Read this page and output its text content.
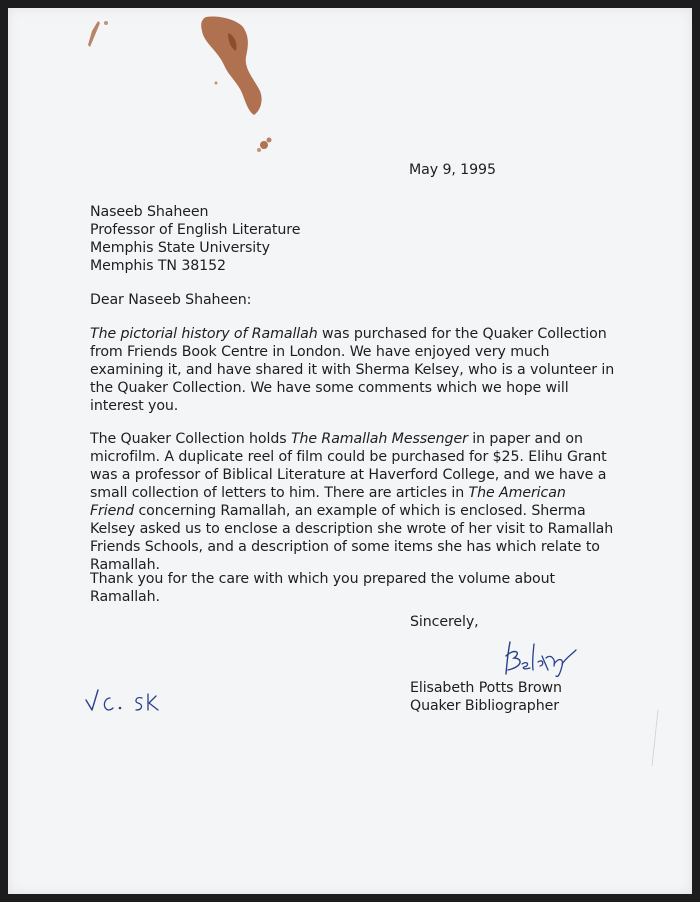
May 9, 1995

Naseeb Shaheen

Professor of English Literature

Memphis State University

Memphis TN 38152

Dear Naseeb Shaheen:

The pictorial history of Ramallah was purchased for the Quaker Collection

from Friends Book Centre in London. We have enjoyed very much

examining it, and have shared it with Sherma Kelsey, who is a volunteer in

the Quaker Collection. We have some comments which we hope will

interest you.

The Quaker Collection holds The Ramallah Messenger in paper and on

microfilm. A duplicate reel of film could be purchased for $25. Elihu Grant

was a professor of Biblical Literature at Haverford College, and we have a

small collection of letters to him. There are articles in The American

Friend concerning Ramallah, an example of which is enclosed. Sherma

Kelsey asked us to enclose a description she wrote of her visit to Ramallah

Friends Schools, and a description of some items she has which relate to

Ramallah.

Thank you for the care with which you prepared the volume about

Ramallah.

Sincerely,

Elisabeth Potts Brown

Quaker Bibliographer
